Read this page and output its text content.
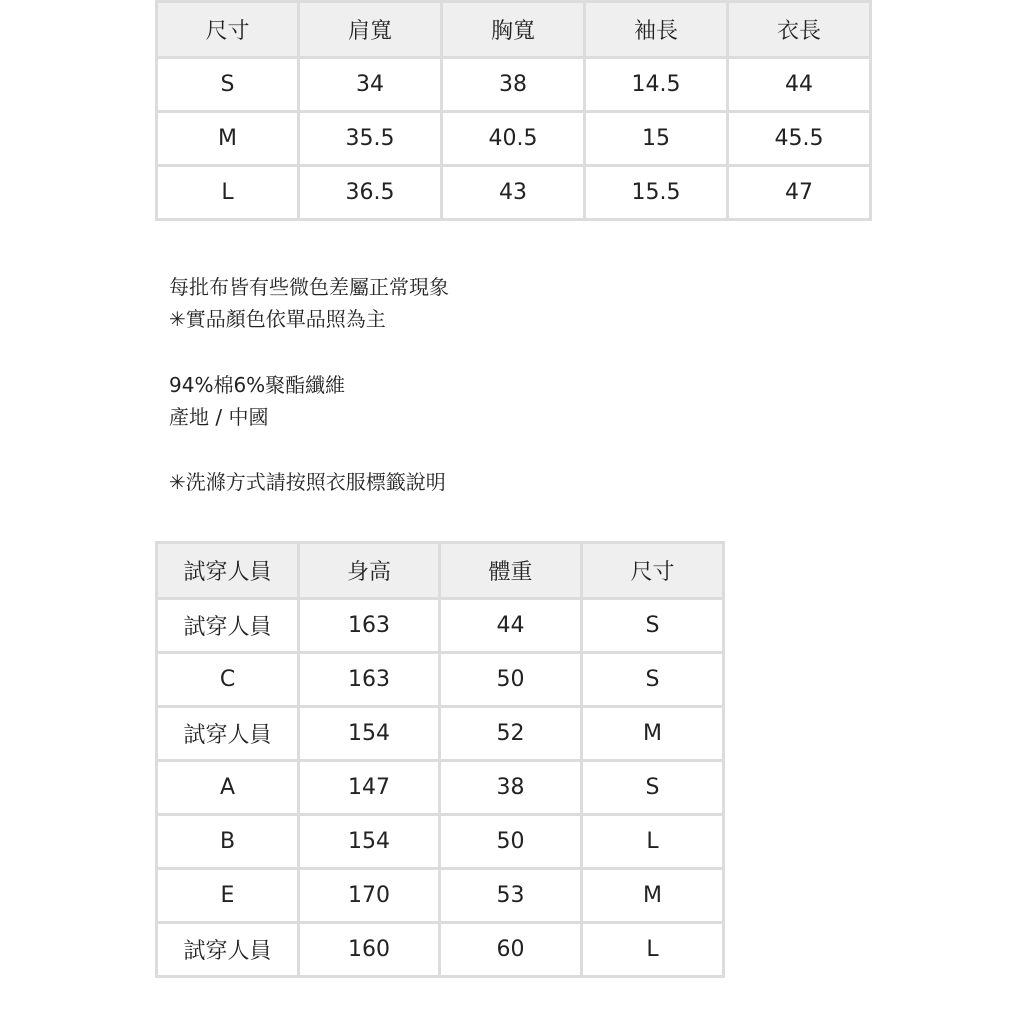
尺寸	肩寬	胸寬	袖長	衣長
S	34	38	14.5	44
M	35.5	40.5	15	45.5
L	36.5	43	15.5	47

每批布皆有些微色差屬正常現象

✳實品顏色依單品照為主

94%棉6%聚酯纖維

產地 / 中國

✳洗滌方式請按照衣服標籤說明

試穿人員	身高	體重	尺寸
試穿人員	163	44	S
C	163	50	S
試穿人員	154	52	M
A	147	38	S
B	154	50	L
E	170	53	M
試穿人員	160	60	L
